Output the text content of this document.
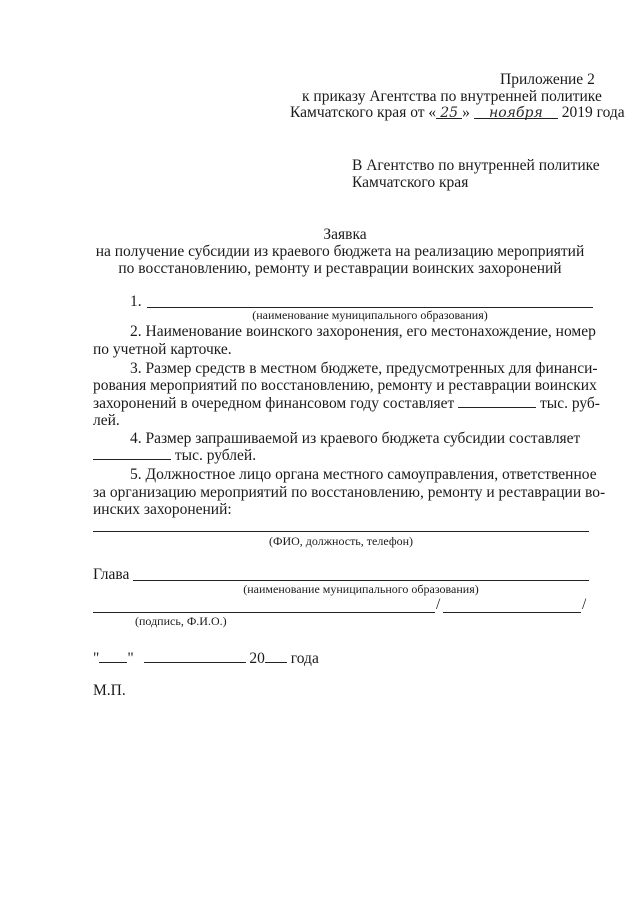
Приложение 2
к приказу Агентства по внутренней политике
Камчатского края от « 25 » ноября 2019 года
В Агентство по внутренней политике
Камчатского края
Заявка
на получение субсидии из краевого бюджета на реализацию мероприятий
по восстановлению, ремонту и реставрации воинских захоронений
1.
(наименование муниципального образования)
2. Наименование воинского захоронения, его местонахождение, номер
по учетной карточке.
3. Размер средств в местном бюджете, предусмотренных для финанси-
рования мероприятий по восстановлению, ремонту и реставрации воинских
захоронений в очередном финансовом году составляет	тыс. руб-
лей.
4. Размер запрашиваемой из краевого бюджета субсидии составляет
тыс. рублей.
5. Должностное лицо органа местного самоуправления, ответственное
за организацию мероприятий по восстановлению, ремонту и реставрации во-
инских захоронений:
(ФИО, должность, телефон)
Глава
(наименование муниципального образования)
/	/
(подпись, Ф.И.О.)
" "	20 года
М.П.
